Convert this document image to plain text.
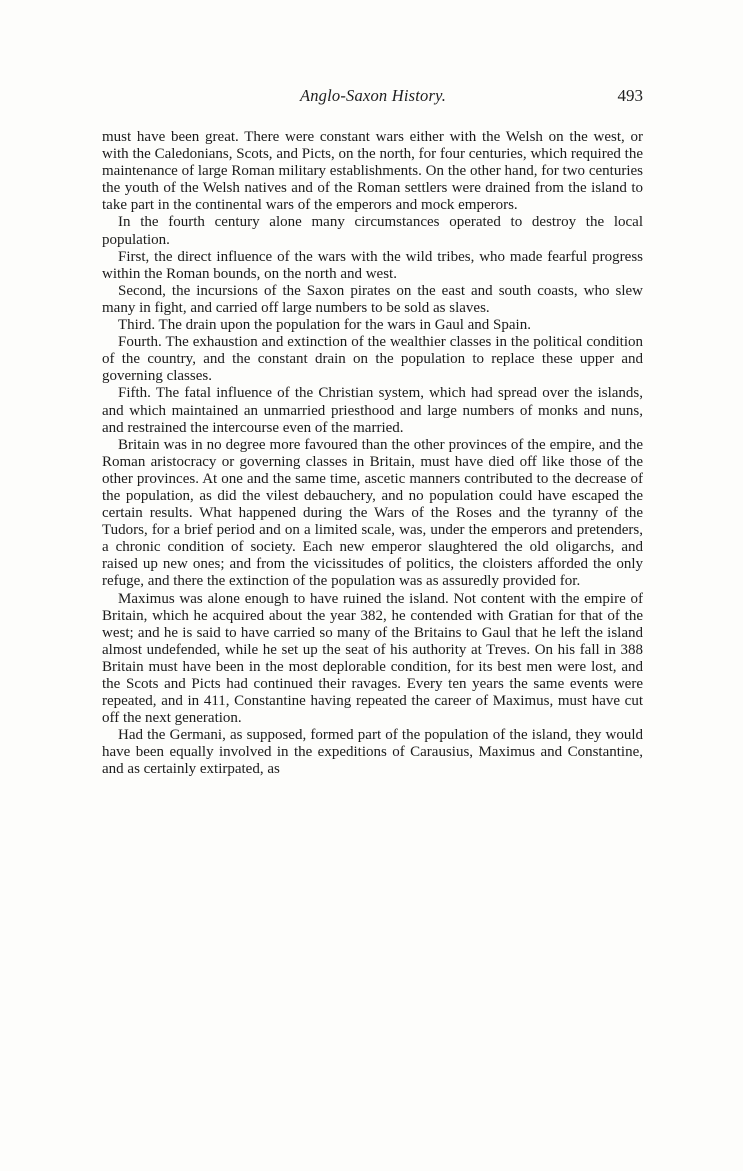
Anglo-Saxon History.	493

must have been great. There were constant wars either with the Welsh on the west, or with the Caledonians, Scots, and Picts, on the north, for four centuries, which required the maintenance of large Roman military establishments. On the other hand, for two centuries the youth of the Welsh natives and of the Roman settlers were drained from the island to take part in the continental wars of the emperors and mock emperors.

In the fourth century alone many circumstances operated to destroy the local population.

First, the direct influence of the wars with the wild tribes, who made fearful progress within the Roman bounds, on the north and west.

Second, the incursions of the Saxon pirates on the east and south coasts, who slew many in fight, and carried off large numbers to be sold as slaves.

Third. The drain upon the population for the wars in Gaul and Spain.

Fourth. The exhaustion and extinction of the wealthier classes in the political condition of the country, and the constant drain on the population to replace these upper and governing classes.

Fifth. The fatal influence of the Christian system, which had spread over the islands, and which maintained an unmarried priesthood and large numbers of monks and nuns, and restrained the intercourse even of the married.

Britain was in no degree more favoured than the other provinces of the empire, and the Roman aristocracy or governing classes in Britain, must have died off like those of the other provinces. At one and the same time, ascetic manners contributed to the decrease of the population, as did the vilest debauchery, and no population could have escaped the certain results. What happened during the Wars of the Roses and the tyranny of the Tudors, for a brief period and on a limited scale, was, under the emperors and pretenders, a chronic condition of society. Each new emperor slaughtered the old oligarchs, and raised up new ones; and from the vicissitudes of politics, the cloisters afforded the only refuge, and there the extinction of the population was as assuredly provided for.

Maximus was alone enough to have ruined the island. Not content with the empire of Britain, which he acquired about the year 382, he contended with Gratian for that of the west; and he is said to have carried so many of the Britains to Gaul that he left the island almost undefended, while he set up the seat of his authority at Treves. On his fall in 388 Britain must have been in the most deplorable condition, for its best men were lost, and the Scots and Picts had continued their ravages. Every ten years the same events were repeated, and in 411, Constantine having repeated the career of Maximus, must have cut off the next generation.

Had the Germani, as supposed, formed part of the population of the island, they would have been equally involved in the expeditions of Carausius, Maximus and Constantine, and as certainly extirpated, as
